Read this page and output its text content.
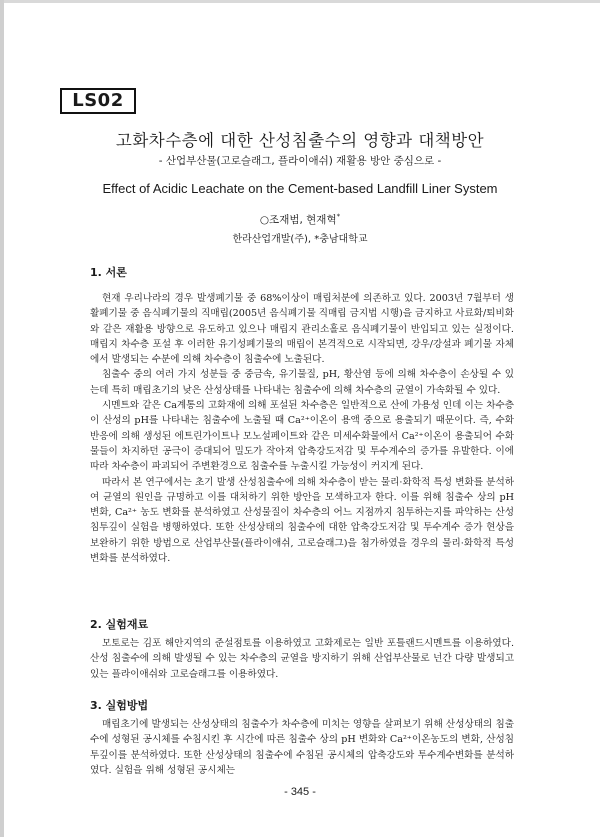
LS02
고화차수층에 대한 산성침출수의 영향과 대책방안
- 산업부산물(고로슬래그, 플라이애쉬) 재활용 방안 중심으로 -
Effect of Acidic Leachate on the Cement-based Landfill Liner System
○조재범, 현재혁*
한라산업개발(주), *충남대학교
1. 서론

현재 우리나라의 경우 발생폐기물 중 68%이상이 매립처분에 의존하고 있다. 2003년 7월부터 생활폐기물 중 음식폐기물의 직매립(2005년 음식폐기물 직매립 금지법 시행)을 금지하고 사료화/퇴비화와 같은 재활용 방향으로 유도하고 있으나 매립지 관리소홀로 음식폐기물이 반입되고 있는 실정이다. 매립지 차수층 포설 후 이러한 유기성폐기물의 매립이 본격적으로 시작되면, 강우/강설과 폐기물 자체에서 발생되는 수분에 의해 차수층이 침출수에 노출된다.

침출수 중의 여러 가지 성분들 중 중금속, 유기물질, pH, 황산염 등에 의해 차수층이 손상될 수 있는데 특히 매립초기의 낮은 산성상태를 나타내는 침출수에 의해 차수층의 균열이 가속화될 수 있다.

시멘트와 같은 Ca계통의 고화재에 의해 포설된 차수층은 일반적으로 산에 가용성 인데 이는 차수층이 산성의 pH를 나타내는 침출수에 노출될 때 Ca²⁺이온이 용액 중으로 용출되기 때문이다. 즉, 수화반응에 의해 생성된 에트린가이트나 모노설페이트와 같은 미세수화물에서 Ca²⁺이온이 용출되어 수화물들이 차지하던 공극이 증대되어 밀도가 작아져 압축강도저감 및 투수계수의 증가를 유발한다. 이에 따라 차수층이 파괴되어 주변환경으로 침출수를 누출시킬 가능성이 커지게 된다.

따라서 본 연구에서는 초기 발생 산성침출수에 의해 차수층이 받는 물리·화학적 특성 변화를 분석하여 균열의 원인을 규명하고 이를 대처하기 위한 방안을 모색하고자 한다. 이를 위해 침출수 상의 pH 변화, Ca²⁺ 농도 변화를 분석하였고 산성물질이 차수층의 어느 지점까지 침투하는지를 파악하는 산성침투깊이 실험을 병행하였다. 또한 산성상태의 침출수에 대한 압축강도저감 및 투수계수 증가 현상을 보완하기 위한 방법으로 산업부산물(플라이애쉬, 고로슬래그)을 첨가하였을 경우의 물리·화학적 특성변화를 분석하였다.

2. 실험재료

모토로는 김포 해안지역의 준설점토를 이용하였고 고화제로는 일반 포틀랜드시멘트를 이용하였다. 산성 침출수에 의해 발생될 수 있는 차수층의 균열을 방지하기 위해 산업부산물로 넌간 다량 발생되고 있는 플라이애쉬와 고로슬래그를 이용하였다.

3. 실험방법

매립초기에 발생되는 산성상태의 침출수가 차수층에 미치는 영향을 살펴보기 위해 산성상태의 침출수에 성형된 공시체를 수침시킨 후 시간에 따른 침출수 상의 pH 변화와 Ca²⁺이온농도의 변화, 산성침투깊이를 분석하였다. 또한 산성상태의 침출수에 수침된 공시체의 압축강도와 투수계수변화를 분석하였다. 실험을 위해 성형된 공시체는

- 345 -
